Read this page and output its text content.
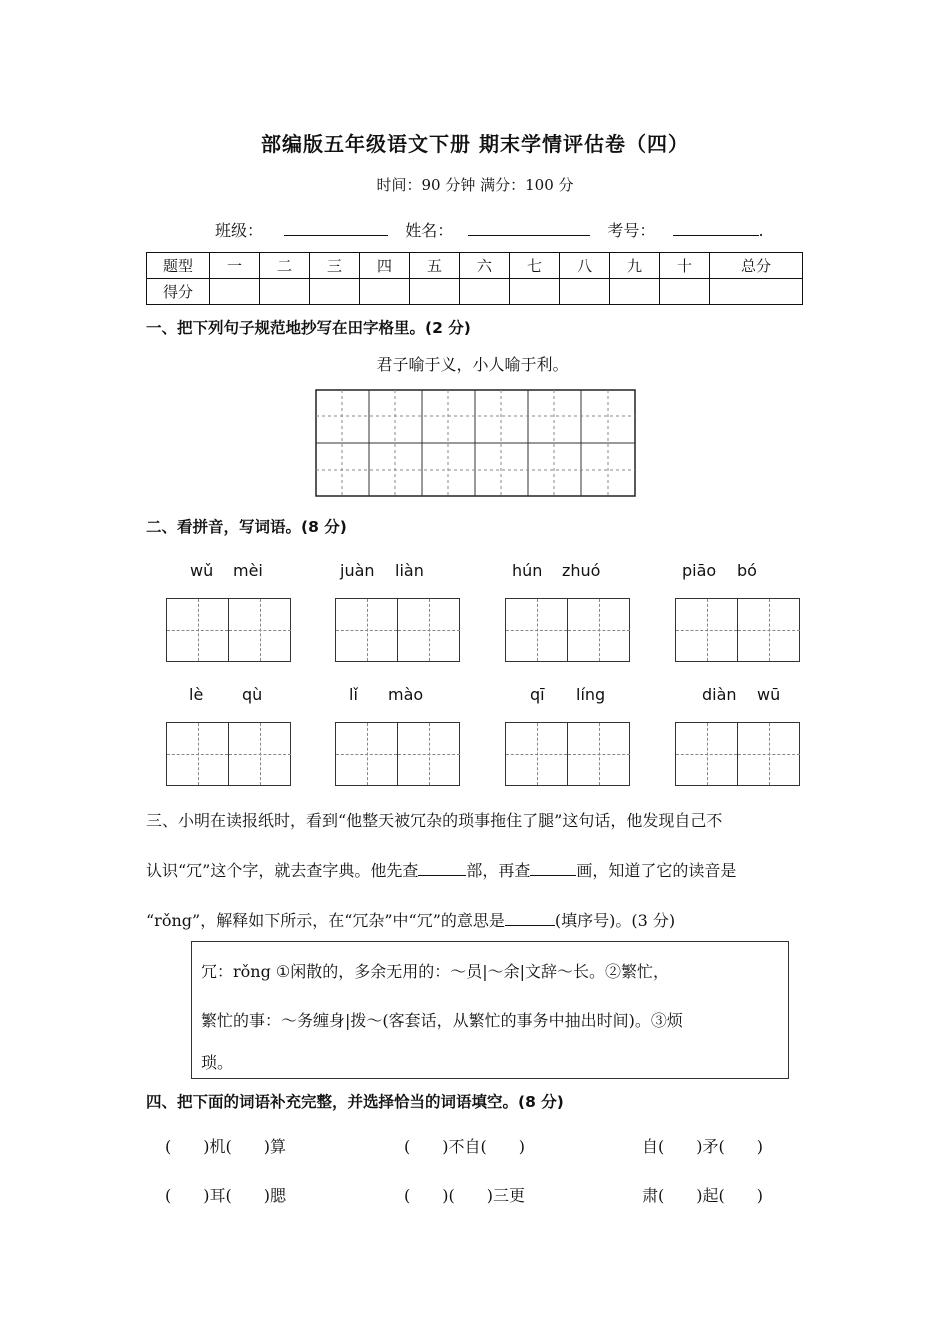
部编版五年级语文下册 期末学情评估卷（四）
时间：90 分钟 满分：100 分
班级：	姓名：	考号：	.
题型	一	二	三	四	五	六	七	八	九	十	总分
得分											
一、把下列句子规范地抄写在田字格里。(2 分)
君子喻于义，小人喻于利。
二、看拼音，写词语。(8 分)
wǔ mèi	juàn liàn	hún zhuó	piāo bó
lè qù	lǐ mào	qī líng	diàn wū
三、小明在读报纸时，看到“他整天被冗杂的琐事拖住了腿”这句话，他发现自己不
认识“冗”这个字，就去查字典。他先查	部，再查	画，知道了它的读音是
“rǒng”，解释如下所示，在“冗杂”中“冗”的意思是	(填序号)。(3 分)
冗：rǒng ①闲散的，多余无用的：～员|～余|文辞～长。②繁忙，
繁忙的事：～务缠身|拨～(客套话，从繁忙的事务中抽出时间)。③烦
琐。
四、把下面的词语补充完整，并选择恰当的词语填空。(8 分)
(　　)机(　　)算	(　　)不自(　　)	自(　　)矛(　　)
(　　)耳(　　)腮	(　　)(　　)三更	肃(　　)起(　　)
